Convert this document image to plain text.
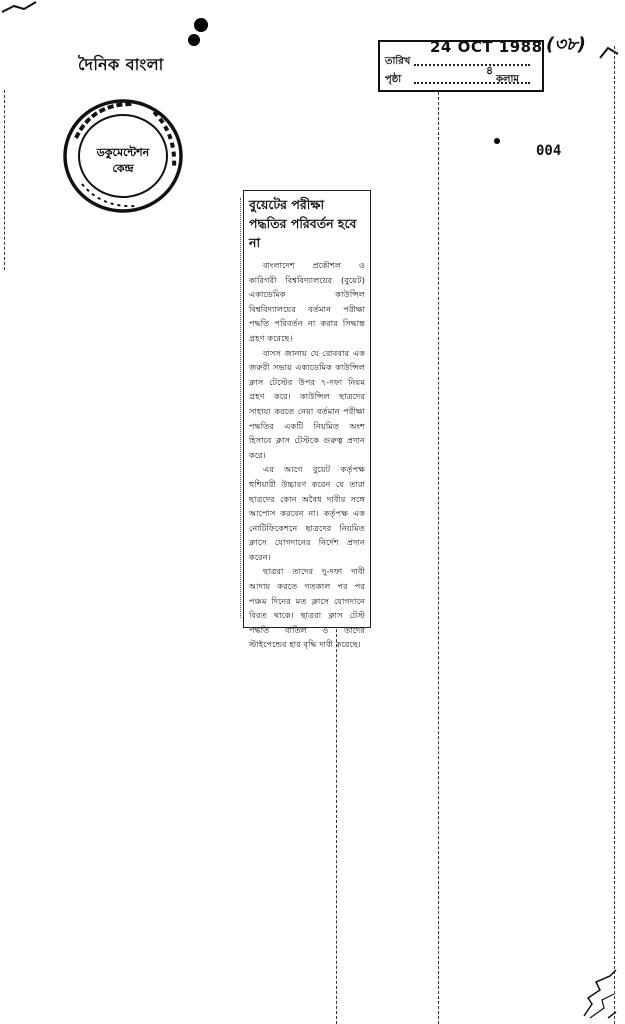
দৈনিক বাংলা
ডকুমেন্টেশন
কেন্দ্র
24 OCT 1988
তারিখ
পৃষ্ঠা
৪
কলাম
(৩৮)
004
বুয়েটের পরীক্ষা পদ্ধতির পরিবর্তন হবে না

বাংলাদেশ প্রকৌশল ও কারিগরী বিশ্ববিদ্যালয়ের (বুয়েট) একাডেমিক কাউন্সিল বিশ্ববিদ্যালয়ের বর্তমান পরীক্ষা পদ্ধতি পরিবর্তন না করার সিদ্ধান্ত গ্রহণ করেছে।

বাসস জানায় যে রোববার এক জরুরী সভায় একাডেমিক কাউন্সিল ক্লাস টেস্টের উপর ৭-দফা নিয়ম গ্রহণ করে। কাউন্সিল ছাত্রদের সাহায্য করতে নেয়া বর্তমান পরীক্ষা পদ্ধতির একটি নিয়মিত অংশ হিসাবে ক্লাস টেস্টকে গুরুত্ব প্রদান করে।

এর আগে বুয়েট কর্তৃপক্ষ হুশিয়ারী উচ্চারণ করেন যে তারা ছাত্রদের কোন অবৈধ দাবীর সঙ্গে আপোস করবেন না। কর্তৃপক্ষ এক নোটিফিকেশনে ছাত্রদের নিয়মিত ক্লাসে যোগদানের নির্দেশ প্রদান করেন।

ছাত্ররা তাদের দু-দফা দাবী আদায় করতে গতকাল পর পর পঞ্চম দিনের মত ক্লাসে যোগদানে বিরত থাকে। ছাত্ররা ক্লাস টেস্ট পদ্ধতি বাতিল ও তাদের স্টাইপেন্ডের হার বৃদ্ধি দাবী করেছে।
